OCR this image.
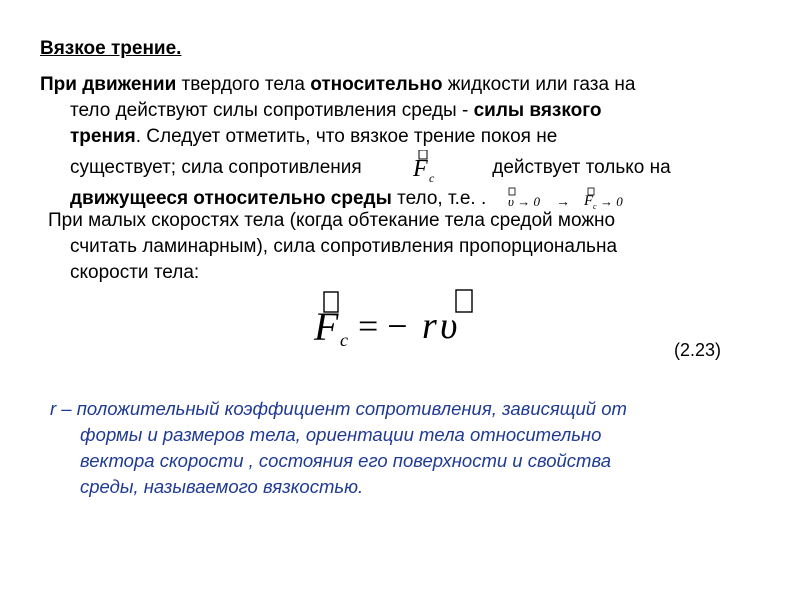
Вязкое трение.
При движении твердого тела относительно жидкости или газа на
тело действуют силы сопротивления среды - силы вязкого
трения. Следует отметить, что вязкое трение покоя не
существует; сила сопротивления F c	действует только на
движущееся относительно среды тело, т.е. . υ → 0 → F c → 0
При малых скоростях тела (когда обтекание тела средой можно
считать ламинарным), сила сопротивления пропорциональна
скорости тела:
F c = − r υ
(2.23)
r – положительный коэффициент сопротивления, зависящий от
формы и размеров тела, ориентации тела относительно
вектора скорости , состояния его поверхности и свойства
среды, называемого вязкостью.
